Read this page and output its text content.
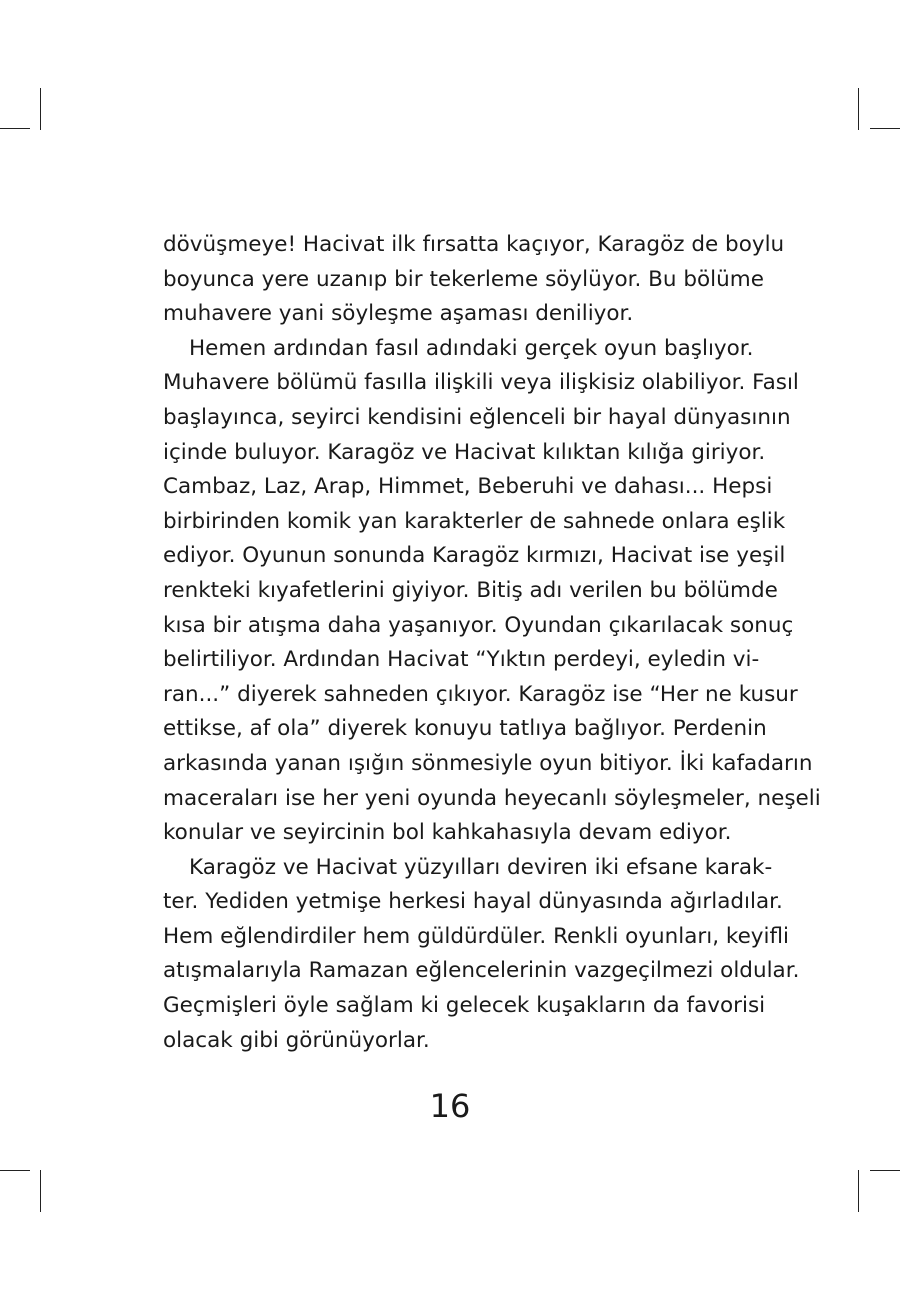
dövüşmeye! Hacivat ilk fırsatta kaçıyor, Karagöz de boylu
boyunca yere uzanıp bir tekerleme söylüyor. Bu bölüme
muhavere yani söyleşme aşaması deniliyor.

Hemen ardından fasıl adındaki gerçek oyun başlıyor.
Muhavere bölümü fasılla ilişkili veya ilişkisiz olabiliyor. Fasıl
başlayınca, seyirci kendisini eğlenceli bir hayal dünyasının
içinde buluyor. Karagöz ve Hacivat kılıktan kılığa giriyor.
Cambaz, Laz, Arap, Himmet, Beberuhi ve dahası... Hepsi
birbirinden komik yan karakterler de sahnede onlara eşlik
ediyor. Oyunun sonunda Karagöz kırmızı, Hacivat ise yeşil
renkteki kıyafetlerini giyiyor. Bitiş adı verilen bu bölümde
kısa bir atışma daha yaşanıyor. Oyundan çıkarılacak sonuç
belirtiliyor. Ardından Hacivat “Yıktın perdeyi, eyledin vi-
ran...” diyerek sahneden çıkıyor. Karagöz ise “Her ne kusur
ettikse, af ola” diyerek konuyu tatlıya bağlıyor. Perdenin
arkasında yanan ışığın sönmesiyle oyun bitiyor. İki kafadarın
maceraları ise her yeni oyunda heyecanlı söyleşmeler, neşeli
konular ve seyircinin bol kahkahasıyla devam ediyor.

Karagöz ve Hacivat yüzyılları deviren iki efsane karak-
ter. Yediden yetmişe herkesi hayal dünyasında ağırladılar.
Hem eğlendirdiler hem güldürdüler. Renkli oyunları, keyifli
atışmalarıyla Ramazan eğlencelerinin vazgeçilmezi oldular.
Geçmişleri öyle sağlam ki gelecek kuşakların da favorisi
olacak gibi görünüyorlar.

16
